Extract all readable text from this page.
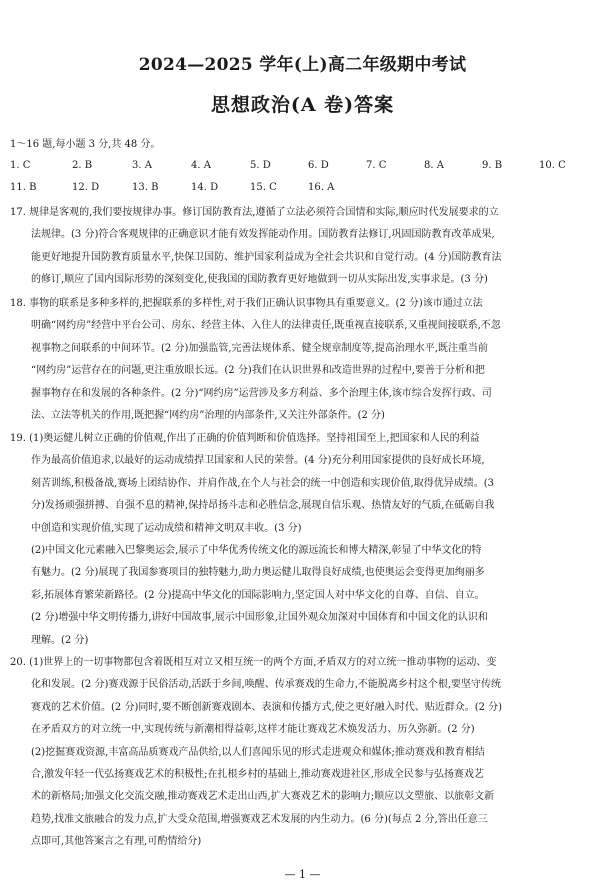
2024—2025 学年(上)高二年级期中考试
思想政治(A 卷)答案
1～16 题,每小题 3 分,共 48 分。
1. C	2. B	3. A	4. A	5. D	6. D	7. C	8. A	9. B	10. C
11. B	12. D	13. B	14. D	15. C	16. A
17. 规律是客观的,我们要按规律办事。修订国防教育法,遵循了立法必须符合国情和实际,顺应时代发展要求的立
法规律。(3 分)符合客观规律的正确意识才能有效发挥能动作用。国防教育法修订,巩固国防教育改革成果,
能更好地提升国防教育质量水平,快保卫国防、维护国家利益成为全社会共识和自觉行动。(4 分)国防教育法
的修订,顺应了国内国际形势的深刻变化,使我国的国防教育更好地做到一切从实际出发,实事求是。(3 分)
18. 事物的联系是多种多样的,把握联系的多样性,对于我们正确认识事物具有重要意义。(2 分)该市通过立法
明确“网约房”经营中平台公司、房东、经营主体、入住人的法律责任,既重视直接联系,又重视间接联系,不忽
视事物之间联系的中间环节。(2 分)加强监管,完善法规体系、健全规章制度等,提高治理水平,既注重当前
“网约房”运营存在的问题,更注重放眼长远。(2 分)我们在认识世界和改造世界的过程中,要善于分析和把
握事物存在和发展的各种条件。(2 分)“网约房”运营涉及多方利益、多个治理主体,该市综合发挥行政、司
法、立法等机关的作用,既把握“网约房”治理的内部条件,又关注外部条件。(2 分)
19. (1)奥运健儿树立正确的价值观,作出了正确的价值判断和价值选择。坚持祖国至上,把国家和人民的利益
作为最高价值追求,以最好的运动成绩捍卫国家和人民的荣誉。(4 分)充分利用国家提供的良好成长环境,
刻苦训练,积极备战,赛场上团结协作、并肩作战,在个人与社会的统一中创造和实现价值,取得优异成绩。(3
分)发扬顽强拼搏、自强不息的精神,保持昂扬斗志和必胜信念,展现自信乐观、热情友好的气质,在砥砺自我
中创造和实现价值,实现了运动成绩和精神文明双丰收。(3 分)
(2)中国文化元素融入巴黎奥运会,展示了中华优秀传统文化的源远流长和博大精深,彰显了中华文化的特
有魅力。(2 分)展现了我国参赛项目的独特魅力,助力奥运健儿取得良好成绩,也使奥运会变得更加绚丽多
彩,拓展体育繁荣新路径。(2 分)提高中华文化的国际影响力,坚定国人对中华文化的自尊、自信、自立。
(2 分)增强中华文明传播力,讲好中国故事,展示中国形象,让国外观众加深对中国体育和中国文化的认识和
理解。(2 分)
20. (1)世界上的一切事物都包含着既相互对立又相互统一的两个方面,矛盾双方的对立统一推动事物的运动、变
化和发展。(2 分)赛戏源于民俗活动,活跃于乡间,唤醒、传承赛戏的生命力,不能脱离乡村这个根,要坚守传统
赛戏的艺术价值。(2 分)同时,要不断创新赛戏剧本、表演和传播方式,使之更好融入时代、贴近群众。(2 分)
在矛盾双方的对立统一中,实现传统与新潮相得益彰,这样才能让赛戏艺术焕发活力、历久弥新。(2 分)
(2)挖掘赛戏资源,丰富高品质赛戏产品供给,以人们喜闻乐见的形式走进观众和媒体;推动赛戏和教育相结
合,激发年轻一代弘扬赛戏艺术的积极性;在扎根乡村的基础上,推动赛戏进社区,形成全民参与弘扬赛戏艺
术的新格局;加强文化交流交融,推动赛戏艺术走出山西,扩大赛戏艺术的影响力;顺应以文塑旅、以旅彰文新
趋势,找准文旅融合的发力点,扩大受众范围,增强赛戏艺术发展的内生动力。(6 分)(每点 2 分,答出任意三
点即可,其他答案言之有理,可酌情给分)
— 1 —
